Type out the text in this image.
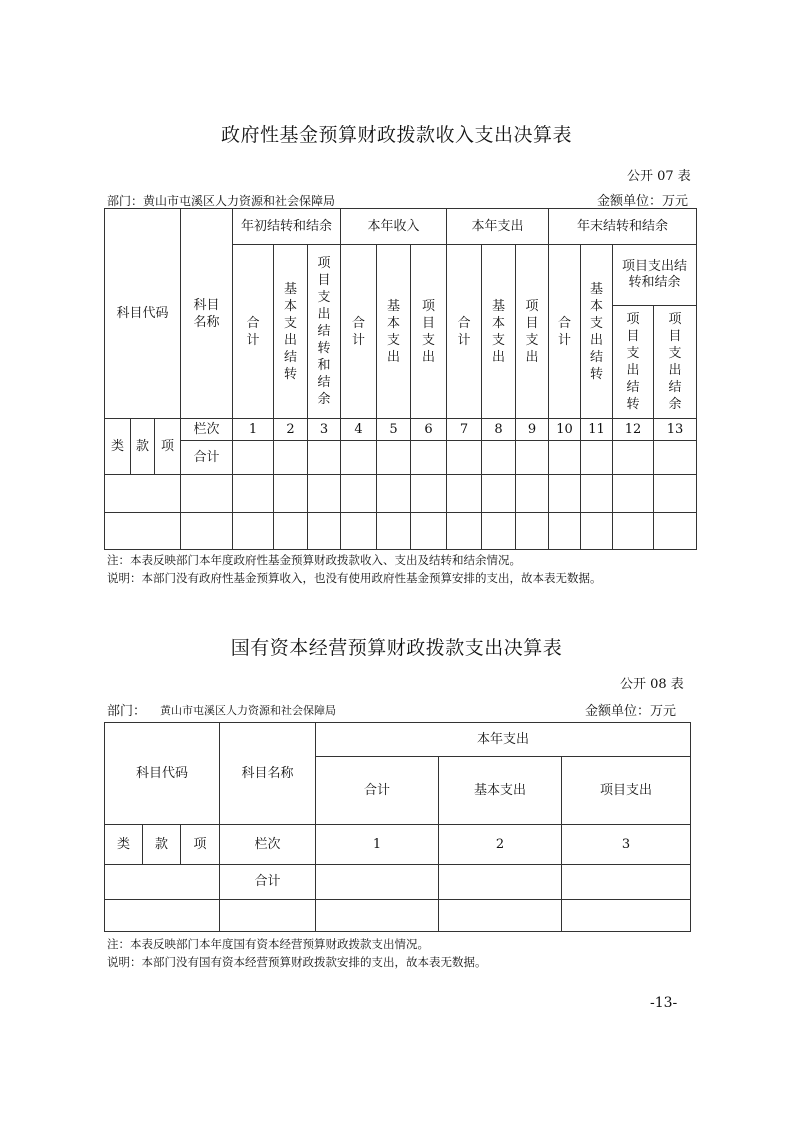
政府性基金预算财政拨款收入支出决算表
公开 07 表
部门：黄山市屯溪区人力资源和社会保障局	金额单位：万元
科目代码			科目名称	年初结转和结余			本年收入			本年支出			年末结转和结余			
				合计	基本支出结转	项目支出结转和结余	合计	基本支出	项目支出	合计	基本支出	项目支出	合计	基本支出结转	项目支出结转和结余	
															项目支出结转	项目支出结余
类	款	项	栏次	1	2	3	4	5	6	7	8	9	10	11	12	13
			合计													

注：本表反映部门本年度政府性基金预算财政拨款收入、支出及结转和结余情况。
说明：本部门没有政府性基金预算收入，也没有使用政府性基金预算安排的支出，故本表无数据。
国有资本经营预算财政拨款支出决算表
公开 08 表
部门： 黄山市屯溪区人力资源和社会保障局	金额单位：万元
科目代码			科目名称	本年支出		
				合计	基本支出	项目支出
类	款	项	栏次	1	2	3
			合计			

注：本表反映部门本年度国有资本经营预算财政拨款支出情况。
说明：本部门没有国有资本经营预算财政拨款安排的支出，故本表无数据。
-13-
